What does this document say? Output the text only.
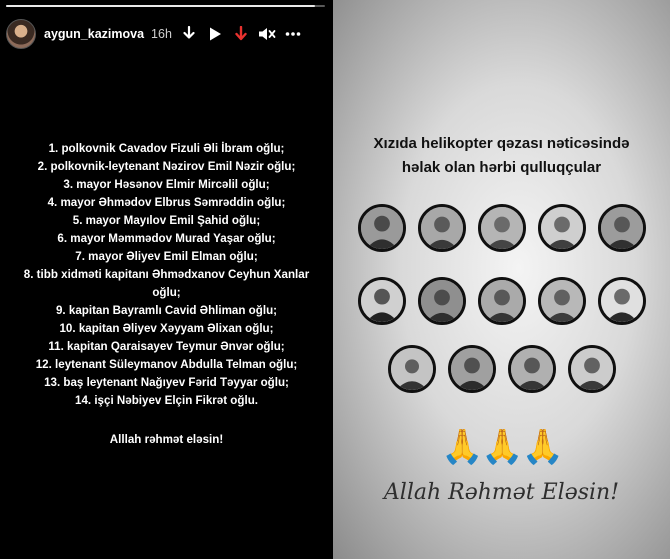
aygun_kazimova 16h
1. polkovnik Cavadov Fizuli Əli İbram oğlu;
2. polkovnik-leytenant Nəzirov Emil Nəzir oğlu;
3. mayor Həsənov Elmir Mircəlil oğlu;
4. mayor Əhmədov Elbrus Səmrəddin oğlu;
5. mayor Mayılov Emil Şahid oğlu;
6. mayor Məmmədov Murad Yaşar oğlu;
7. mayor Əliyev Emil Elman oğlu;
8. tibb xidməti kapitanı Əhmədxanov Ceyhun Xanlar oğlu;
9. kapitan Bayramlı Cavid Əhliman oğlu;
10. kapitan Əliyev Xəyyam Əlixan oğlu;
11. kapitan Qaraisayev Teymur Ənvər oğlu;
12. leytenant Süleymanov Abdulla Telman oğlu;
13. baş leytenant Nağıyev Fərid Təyyar oğlu;
14. işçi Nəbiyev Elçin Fikrət oğlu.
Alllah rəhmət eləsin!
Xızıda helikopter qəzası nəticəsində
həlak olan hərbi qulluqçular
🙏🙏🙏
Allah Rəhmət Eləsin!
